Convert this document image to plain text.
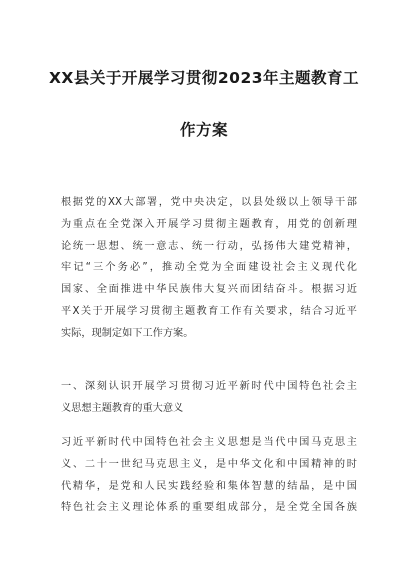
XX县关于开展学习贯彻2023年主题教育工
作方案
根据党的XX大部署，党中央决定，以县处级以上领导干部
为重点在全党深入开展学习贯彻主题教育，用党的创新理
论统一思想、统一意志、统一行动，弘扬伟大建党精神，
牢记“三个务必”，推动全党为全面建设社会主义现代化
国家、全面推进中华民族伟大复兴而团结奋斗。根据习近
平X关于开展学习贯彻主题教育工作有关要求，结合习近平
实际，现制定如下工作方案。
一、深刻认识开展学习贯彻习近平新时代中国特色社会主
义思想主题教育的重大意义
习近平新时代中国特色社会主义思想是当代中国马克思主
义、二十一世纪马克思主义，是中华文化和中国精神的时
代精华，是党和人民实践经验和集体智慧的结晶，是中国
特色社会主义理论体系的重要组成部分，是全党全国各族
